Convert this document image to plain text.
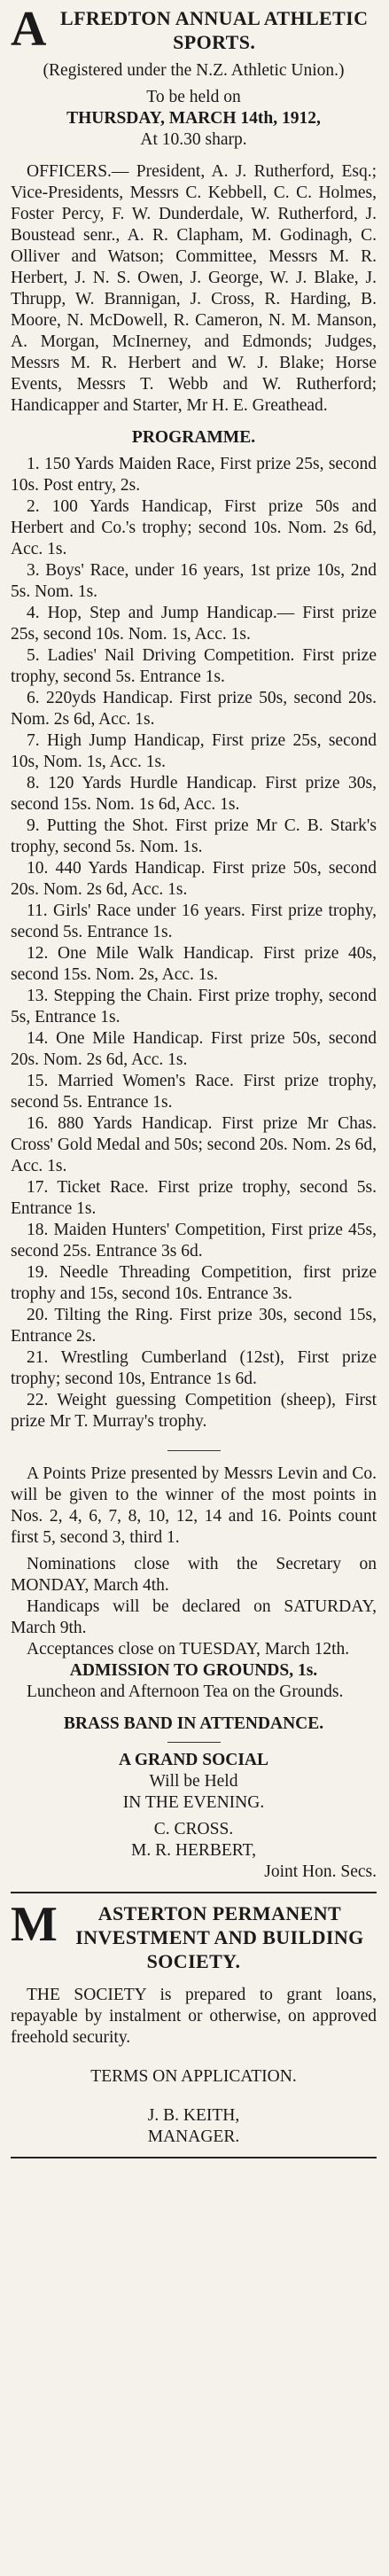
A LFREDTON ANNUAL ATHLETIC SPORTS.

(Registered under the N.Z. Athletic Union.)

To be held on

THURSDAY, MARCH 14th, 1912,

At 10.30 sharp.

OFFICERS.— President, A. J. Rutherford, Esq.; Vice-Presidents, Messrs C. Kebbell, C. C. Holmes, Foster Percy, F. W. Dunderdale, W. Rutherford, J. Boustead senr., A. R. Clapham, M. Godinagh, C. Olliver and Watson; Committee, Messrs M. R. Herbert, J. N. S. Owen, J. George, W. J. Blake, J. Thrupp, W. Brannigan, J. Cross, R. Harding, B. Moore, N. McDowell, R. Cameron, N. M. Manson, A. Morgan, McInerney, and Edmonds; Judges, Messrs M. R. Herbert and W. J. Blake; Horse Events, Messrs T. Webb and W. Rutherford; Handicapper and Starter, Mr H. E. Greathead.

PROGRAMME.

1. 150 Yards Maiden Race, First prize 25s, second 10s. Post entry, 2s.

2. 100 Yards Handicap, First prize 50s and Herbert and Co.'s trophy; second 10s. Nom. 2s 6d, Acc. 1s.

3. Boys' Race, under 16 years, 1st prize 10s, 2nd 5s. Nom. 1s.

4. Hop, Step and Jump Handicap.— First prize 25s, second 10s. Nom. 1s, Acc. 1s.

5. Ladies' Nail Driving Competition. First prize trophy, second 5s. Entrance 1s.

6. 220yds Handicap. First prize 50s, second 20s. Nom. 2s 6d, Acc. 1s.

7. High Jump Handicap, First prize 25s, second 10s, Nom. 1s, Acc. 1s.

8. 120 Yards Hurdle Handicap. First prize 30s, second 15s. Nom. 1s 6d, Acc. 1s.

9. Putting the Shot. First prize Mr C. B. Stark's trophy, second 5s. Nom. 1s.

10. 440 Yards Handicap. First prize 50s, second 20s. Nom. 2s 6d, Acc. 1s.

11. Girls' Race under 16 years. First prize trophy, second 5s. Entrance 1s.

12. One Mile Walk Handicap. First prize 40s, second 15s. Nom. 2s, Acc. 1s.

13. Stepping the Chain. First prize trophy, second 5s, Entrance 1s.

14. One Mile Handicap. First prize 50s, second 20s. Nom. 2s 6d, Acc. 1s.

15. Married Women's Race. First prize trophy, second 5s. Entrance 1s.

16. 880 Yards Handicap. First prize Mr Chas. Cross' Gold Medal and 50s; second 20s. Nom. 2s 6d, Acc. 1s.

17. Ticket Race. First prize trophy, second 5s. Entrance 1s.

18. Maiden Hunters' Competition, First prize 45s, second 25s. Entrance 3s 6d.

19. Needle Threading Competition, first prize trophy and 15s, second 10s. Entrance 3s.

20. Tilting the Ring. First prize 30s, second 15s, Entrance 2s.

21. Wrestling Cumberland (12st), First prize trophy; second 10s, Entrance 1s 6d.

22. Weight guessing Competition (sheep), First prize Mr T. Murray's trophy.

A Points Prize presented by Messrs Levin and Co. will be given to the winner of the most points in Nos. 2, 4, 6, 7, 8, 10, 12, 14 and 16. Points count first 5, second 3, third 1.

Nominations close with the Secretary on MONDAY, March 4th.

Handicaps will be declared on SATURDAY, March 9th.

Acceptances close on TUESDAY, March 12th.

ADMISSION TO GROUNDS, 1s.

Luncheon and Afternoon Tea on the Grounds.

BRASS BAND IN ATTENDANCE.

A GRAND SOCIAL

Will be Held

IN THE EVENING.

C. CROSS.

M. R. HERBERT,

Joint Hon. Secs.

M ASTERTON PERMANENT INVESTMENT AND BUILDING SOCIETY.

THE SOCIETY is prepared to grant loans, repayable by instalment or otherwise, on approved freehold security.

TERMS ON APPLICATION.

J. B. KEITH,

MANAGER.
